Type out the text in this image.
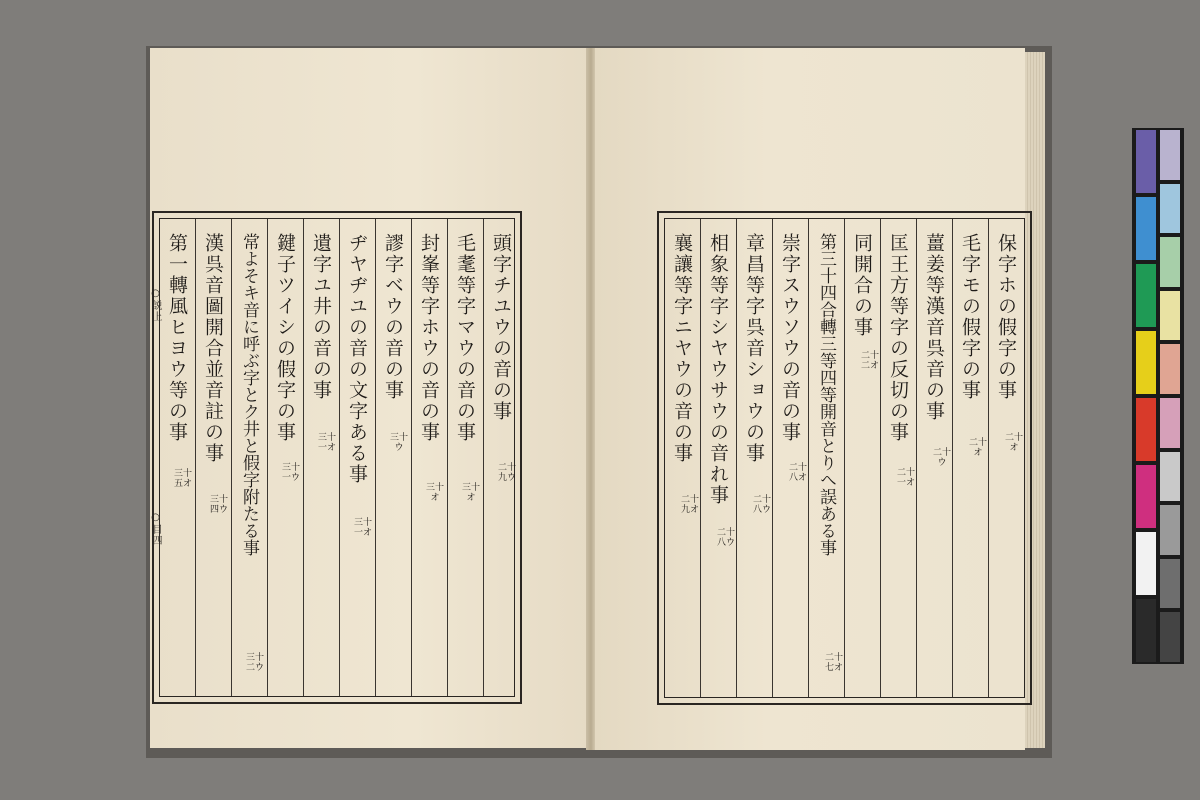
○説上
○目四
頭字チユウの音の事
二十九ウ
毛耄等字マウの音の事
三十オ
封峯等字ホウの音の事
三十オ
謬字ベウの音の事
三十ウ
ヂヤヂユの音の文字ある事
三十一オ
遺字ユ井の音の事
三十一オ
鍵子ツイシの假字の事
三十一ウ
常よそキ音に呼ぶ字とク井と假字附たる事
三十二ウ
漢呉音圖開合並音註の事
三十四ウ
第一轉風ヒヨウ等の事
三十五オ
保字ホの假字の事
二十オ
毛字モの假字の事
二十オ
薑姜等漢音呉音の事
二十ウ
匡王方等字の反切の事
二十一オ
同開合の事
二十二オ
第三十四合轉三等四等開音とりへ誤ある事
二十七オ
崇字スウソウの音の事
二十八オ
章昌等字呉音ショウの事
二十八ウ
相象等字シヤウサウの音れ事
二十八ウ
襄讓等字ニヤウの音の事
二十九オ
